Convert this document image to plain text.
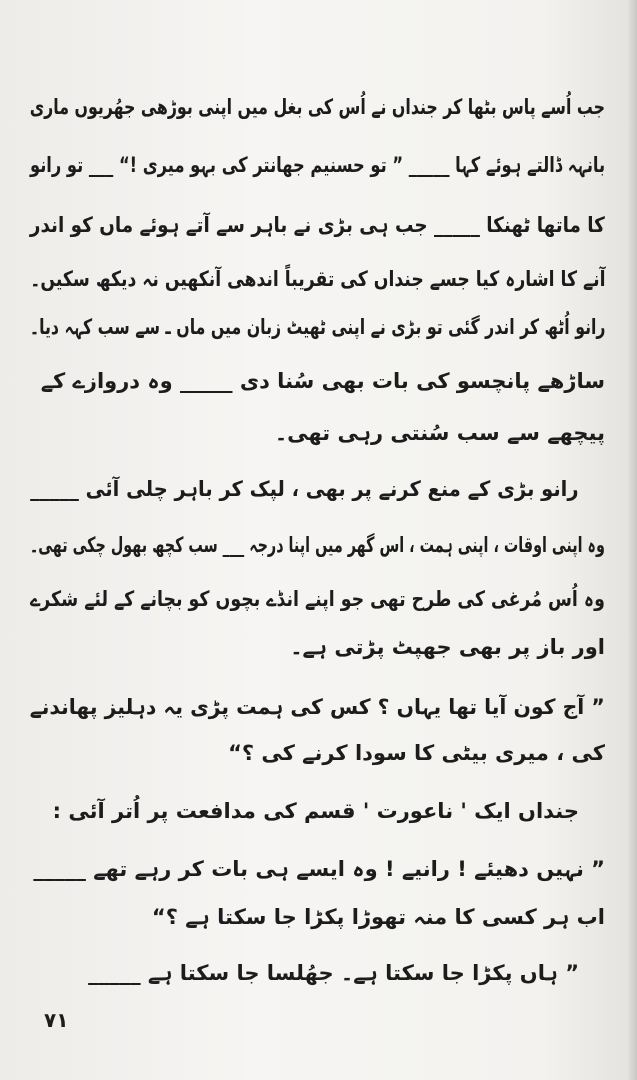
جب اُسے پاس بٹھا کر جنداں نے اُس کی بغل میں اپنی بوڑھی جھُریوں ماری
بانہہ ڈالتے ہوئے کہا _____ ” تو حسنیم جھانتر کی بہو میری !“ ___ تو رانو
کا ماتھا ٹھنکا _____ جب ہی بڑی نے باہر سے آتے ہوئے ماں کو اندر
آنے کا اشارہ کیا جسے جنداں کی تقریباً اندھی آنکھیں نہ دیکھ سکیں۔
رانو اُٹھ کر اندر گئی تو بڑی نے اپنی ٹھیٹ زبان میں ماں ـ سے سب کہہ دیا۔
ساڑھے پانچسو کی بات بھی سُنا دی _____ وہ دروازے کے
پیچھے سے سب سُنتی رہی تھی۔
رانو بڑی کے منع کرنے پر بھی ، لپک کر باہر چلی آئی _____
وہ اپنی اوقات ، اپنی ہمت ، اس گھر میں اپنا درجہ ___ سب کچھ بھول چکی تھی۔
وہ اُس مُرغی کی طرح تھی جو اپنے انڈے بچوں کو بچانے کے لئے شکرے
اور باز پر بھی جھپٹ پڑتی ہے۔
” آج کون آیا تھا یہاں ؟ کس کی ہمت پڑی یہ دہلیز پھاندنے
کی ، میری بیٹی کا سودا کرنے کی ؟“
جنداں ایک ' ناعورت ' قسم کی مدافعت پر اُتر آئی :
” نہیں دھیئے ! رانیے ! وہ ایسے ہی بات کر رہے تھے _____
اب ہر کسی کا منہ تھوڑا پکڑا جا سکتا ہے ؟“
” ہاں پکڑا جا سکتا ہے۔ جھُلسا جا سکتا ہے _____
٧١
